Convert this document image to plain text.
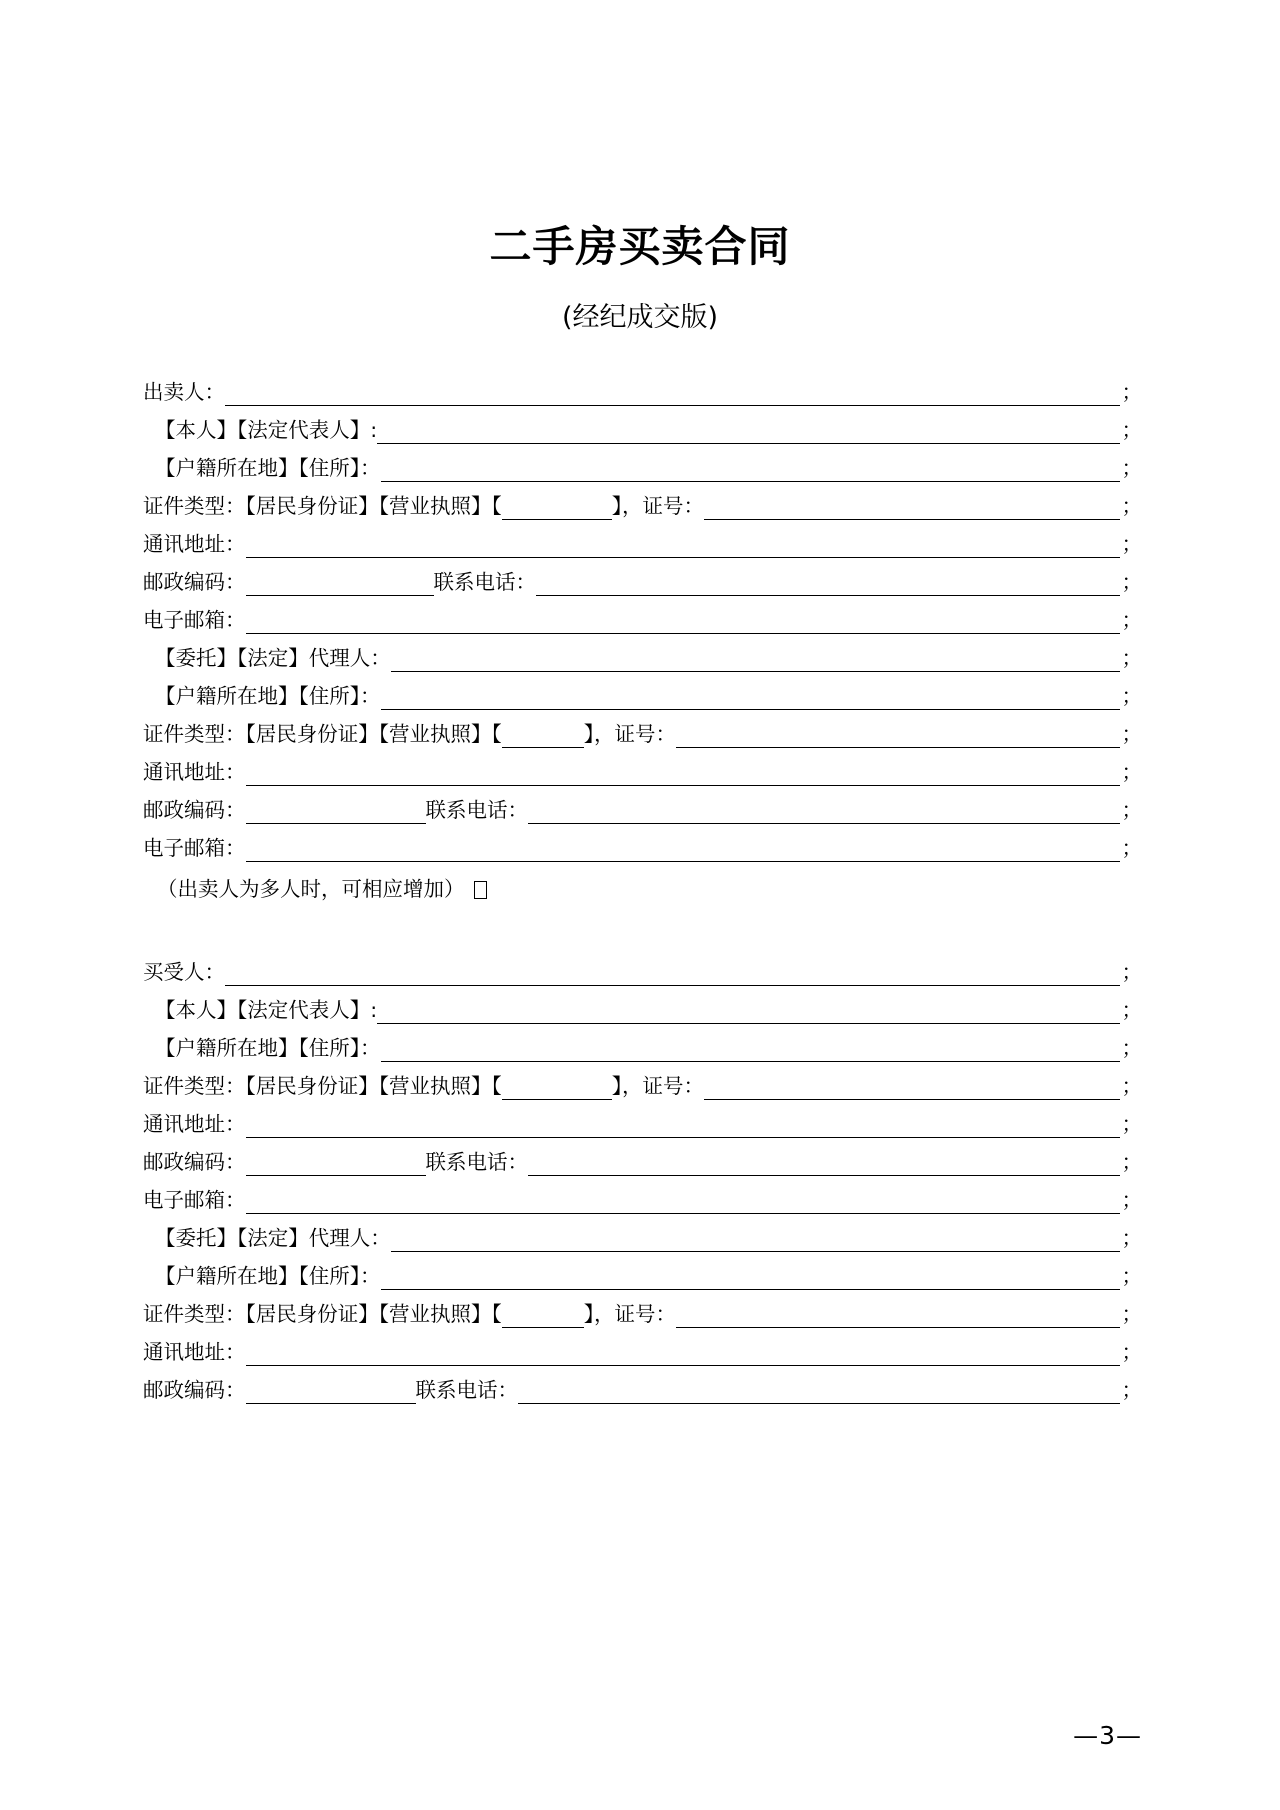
二手房买卖合同
(经纪成交版)
出卖人：	；
【本人】【法定代表人】:	；
【户籍所在地】【住所】：	；
证件类型：【居民身份证】【营业执照】【	】，证号：	；
通讯地址：	；
邮政编码：	联系电话：	；
电子邮箱：	；
【委托】【法定】代理人：	；
【户籍所在地】【住所】：	；
证件类型：【居民身份证】【营业执照】【	】，证号：	；
通讯地址：	；
邮政编码：	联系电话：	；
电子邮箱：	；
（出卖人为多人时，可相应增加）
买受人：	；
【本人】【法定代表人】:	；
【户籍所在地】【住所】：	；
证件类型：【居民身份证】【营业执照】【	】，证号：	；
通讯地址：	；
邮政编码：	联系电话：	；
电子邮箱：	；
【委托】【法定】代理人：	；
【户籍所在地】【住所】：	；
证件类型：【居民身份证】【营业执照】【	】，证号：	；
通讯地址：	；
邮政编码：	联系电话：	；
—3—
